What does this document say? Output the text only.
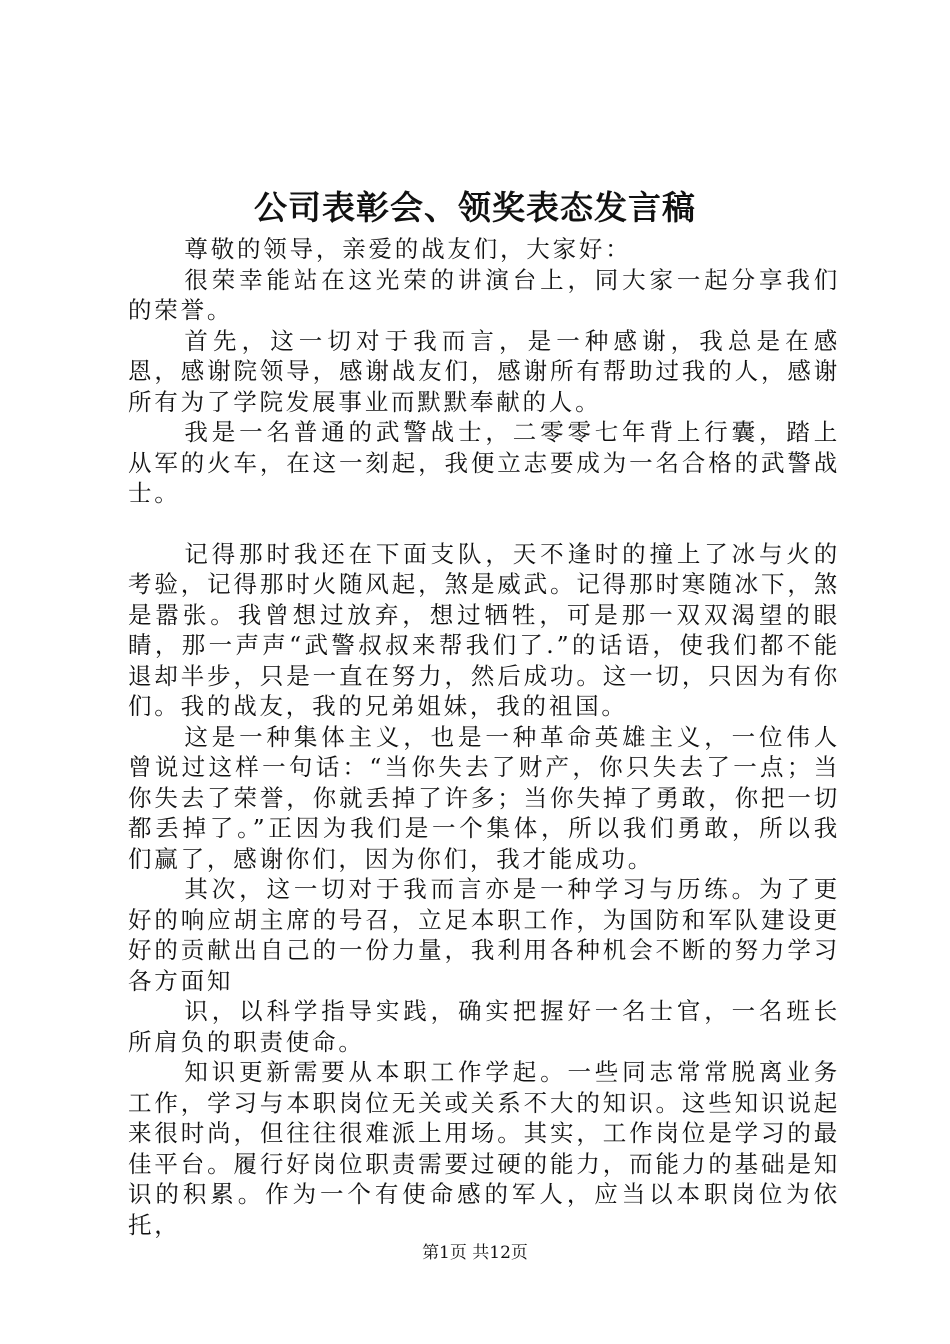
公司表彰会、领奖表态发言稿

尊敬的领导，亲爱的战友们，大家好：

很荣幸能站在这光荣的讲演台上，同大家一起分享我们的荣誉。

首先，这一切对于我而言，是一种感谢，我总是在感恩，感谢院领导，感谢战友们，感谢所有帮助过我的人，感谢所有为了学院发展事业而默默奉献的人。

我是一名普通的武警战士，二零零七年背上行囊，踏上从军的火车，在这一刻起，我便立志要成为一名合格的武警战士。

记得那时我还在下面支队，天不逢时的撞上了冰与火的考验，记得那时火随风起，煞是威武。记得那时寒随冰下，煞是嚣张。我曾想过放弃，想过牺牲，可是那一双双渴望的眼睛，那一声声“武警叔叔来帮我们了.”的话语，使我们都不能退却半步，只是一直在努力，然后成功。这一切，只因为有你们。我的战友，我的兄弟姐妹，我的祖国。

这是一种集体主义，也是一种革命英雄主义，一位伟人曾说过这样一句话：“当你失去了财产，你只失去了一点；当你失去了荣誉，你就丢掉了许多；当你失掉了勇敢，你把一切都丢掉了。”正因为我们是一个集体，所以我们勇敢，所以我们赢了，感谢你们，因为你们，我才能成功。

其次，这一切对于我而言亦是一种学习与历练。为了更好的响应胡主席的号召，立足本职工作，为国防和军队建设更好的贡献出自己的一份力量，我利用各种机会不断的努力学习各方面知

识，以科学指导实践，确实把握好一名士官，一名班长所肩负的职责使命。

知识更新需要从本职工作学起。一些同志常常脱离业务工作，学习与本职岗位无关或关系不大的知识。这些知识说起来很时尚，但往往很难派上用场。其实，工作岗位是学习的最佳平台。履行好岗位职责需要过硬的能力，而能力的基础是知识的积累。作为一个有使命感的军人，应当以本职岗位为依托，

第1页 共12页
